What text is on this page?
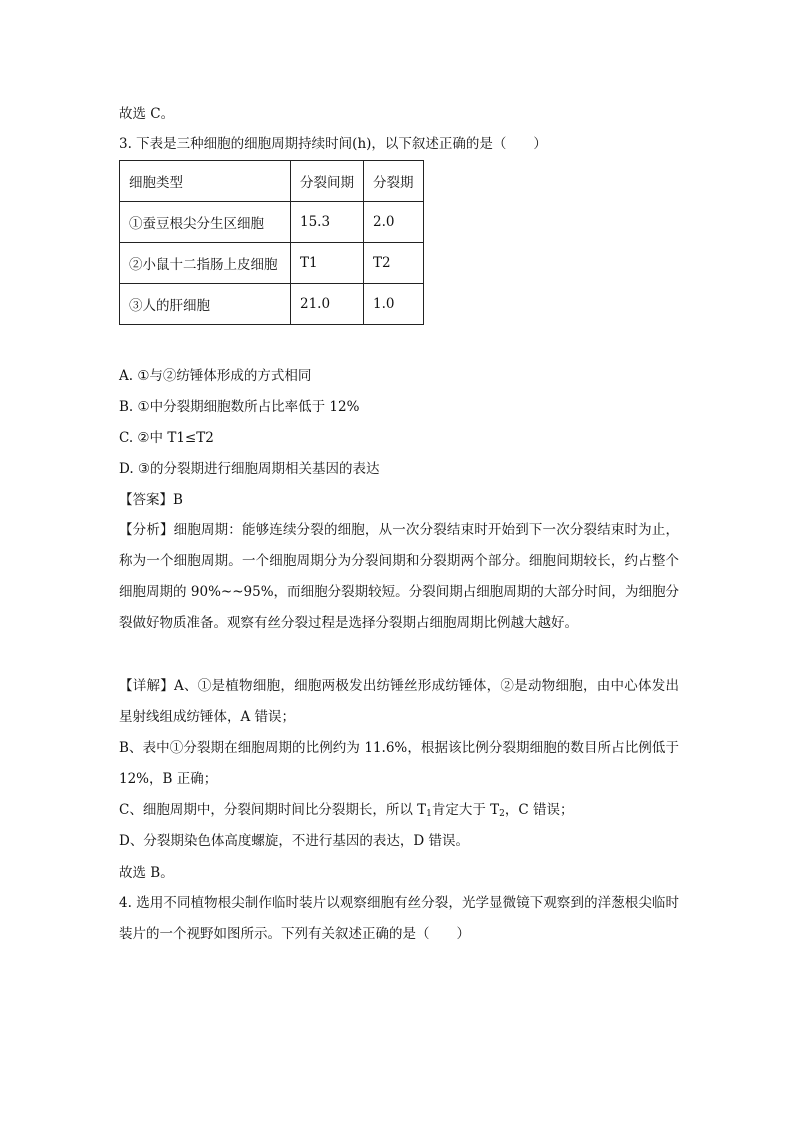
故选 C。
3. 下表是三种细胞的细胞周期持续时间(h)，以下叙述正确的是（　　）
细胞类型	分裂间期	分裂期
①蚕豆根尖分生区细胞	15.3	2.0
②小鼠十二指肠上皮细胞	T1	T2
③人的肝细胞	21.0	1.0
A. ①与②纺锤体形成的方式相同
B. ①中分裂期细胞数所占比率低于 12%
C. ②中 T1≤T2
D. ③的分裂期进行细胞周期相关基因的表达
【答案】B
【分析】细胞周期：能够连续分裂的细胞，从一次分裂结束时开始到下一次分裂结束时为止，称为一个细胞周期。一个细胞周期分为分裂间期和分裂期两个部分。细胞间期较长，约占整个细胞周期的 90%~~95%，而细胞分裂期较短。分裂间期占细胞周期的大部分时间，为细胞分裂做好物质准备。观察有丝分裂过程是选择分裂期占细胞周期比例越大越好。
【详解】A、①是植物细胞，细胞两极发出纺锤丝形成纺锤体，②是动物细胞，由中心体发出星射线组成纺锤体，A 错误；
B、表中①分裂期在细胞周期的比例约为 11.6%，根据该比例分裂期细胞的数目所占比例低于 12%，B 正确；
C、细胞周期中，分裂间期时间比分裂期长，所以 $T_1$肯定大于 $T_2$，C 错误；
D、分裂期染色体高度螺旋，不进行基因的表达，D 错误。
故选 B。
4. 选用不同植物根尖制作临时装片以观察细胞有丝分裂，光学显微镜下观察到的洋葱根尖临时装片的一个视野如图所示。下列有关叙述正确的是（　　）
